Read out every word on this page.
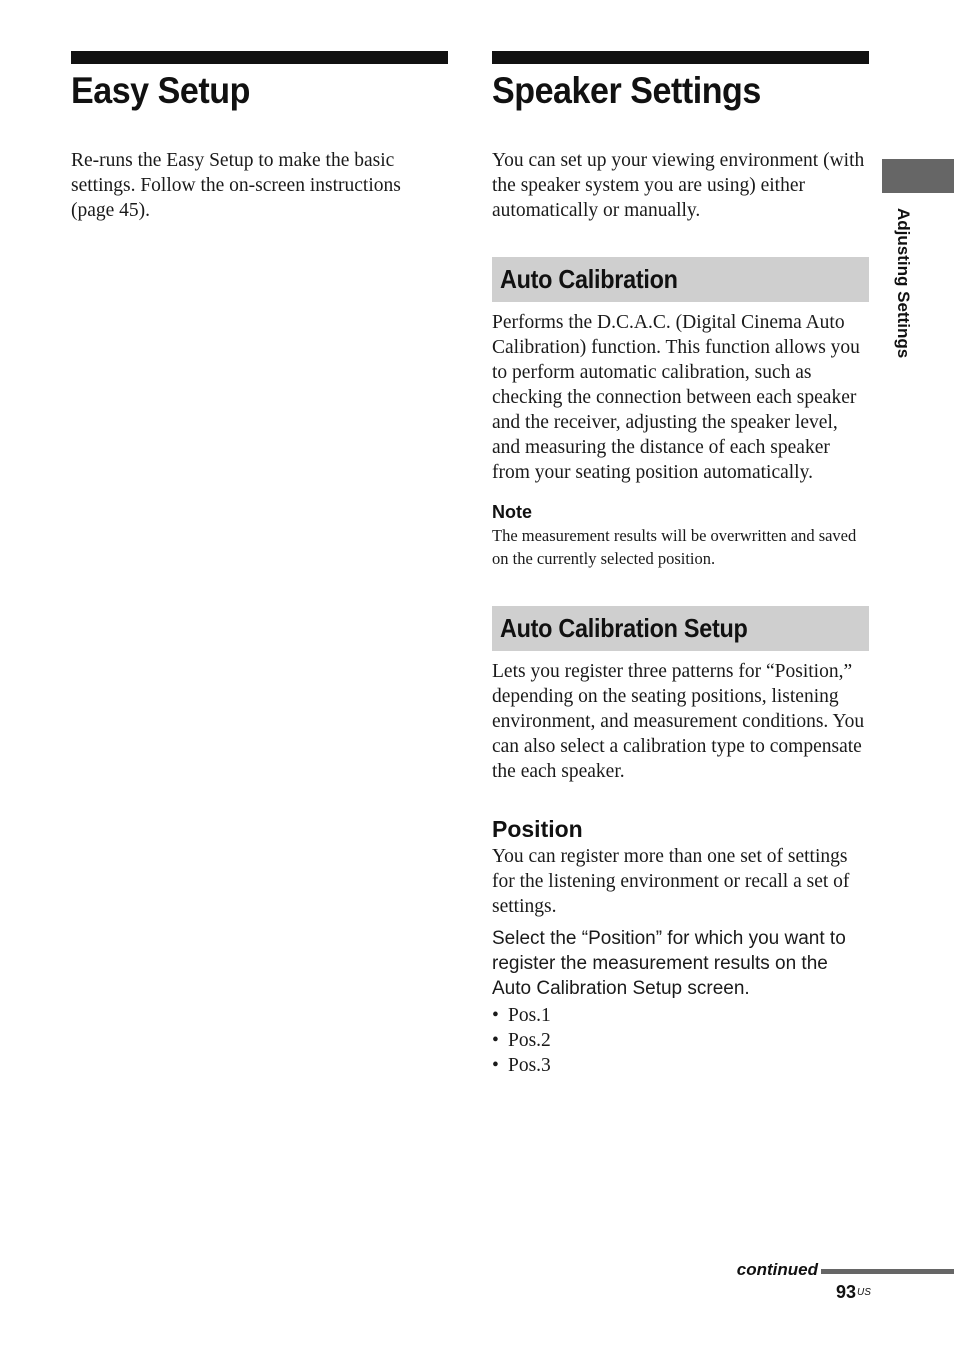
Easy Setup

Re-runs the Easy Setup to make the basic settings. Follow the on-screen instructions (page 45).

Speaker Settings

You can set up your viewing environment (with the speaker system you are using) either automatically or manually.

Auto Calibration

Performs the D.C.A.C. (Digital Cinema Auto Calibration) function. This function allows you to perform automatic calibration, such as checking the connection between each speaker and the receiver, adjusting the speaker level, and measuring the distance of each speaker from your seating position automatically.

Note

The measurement results will be overwritten and saved on the currently selected position.

Auto Calibration Setup

Lets you register three patterns for “Position,” depending on the seating positions, listening environment, and measurement conditions. You can also select a calibration type to compensate the each speaker.

Position

You can register more than one set of settings for the listening environment or recall a set of settings.

Select the “Position” for which you want to register the measurement results on the Auto Calibration Setup screen.

• Pos.1
• Pos.2
• Pos.3
Adjusting Settings
continued
$93^{US}$
